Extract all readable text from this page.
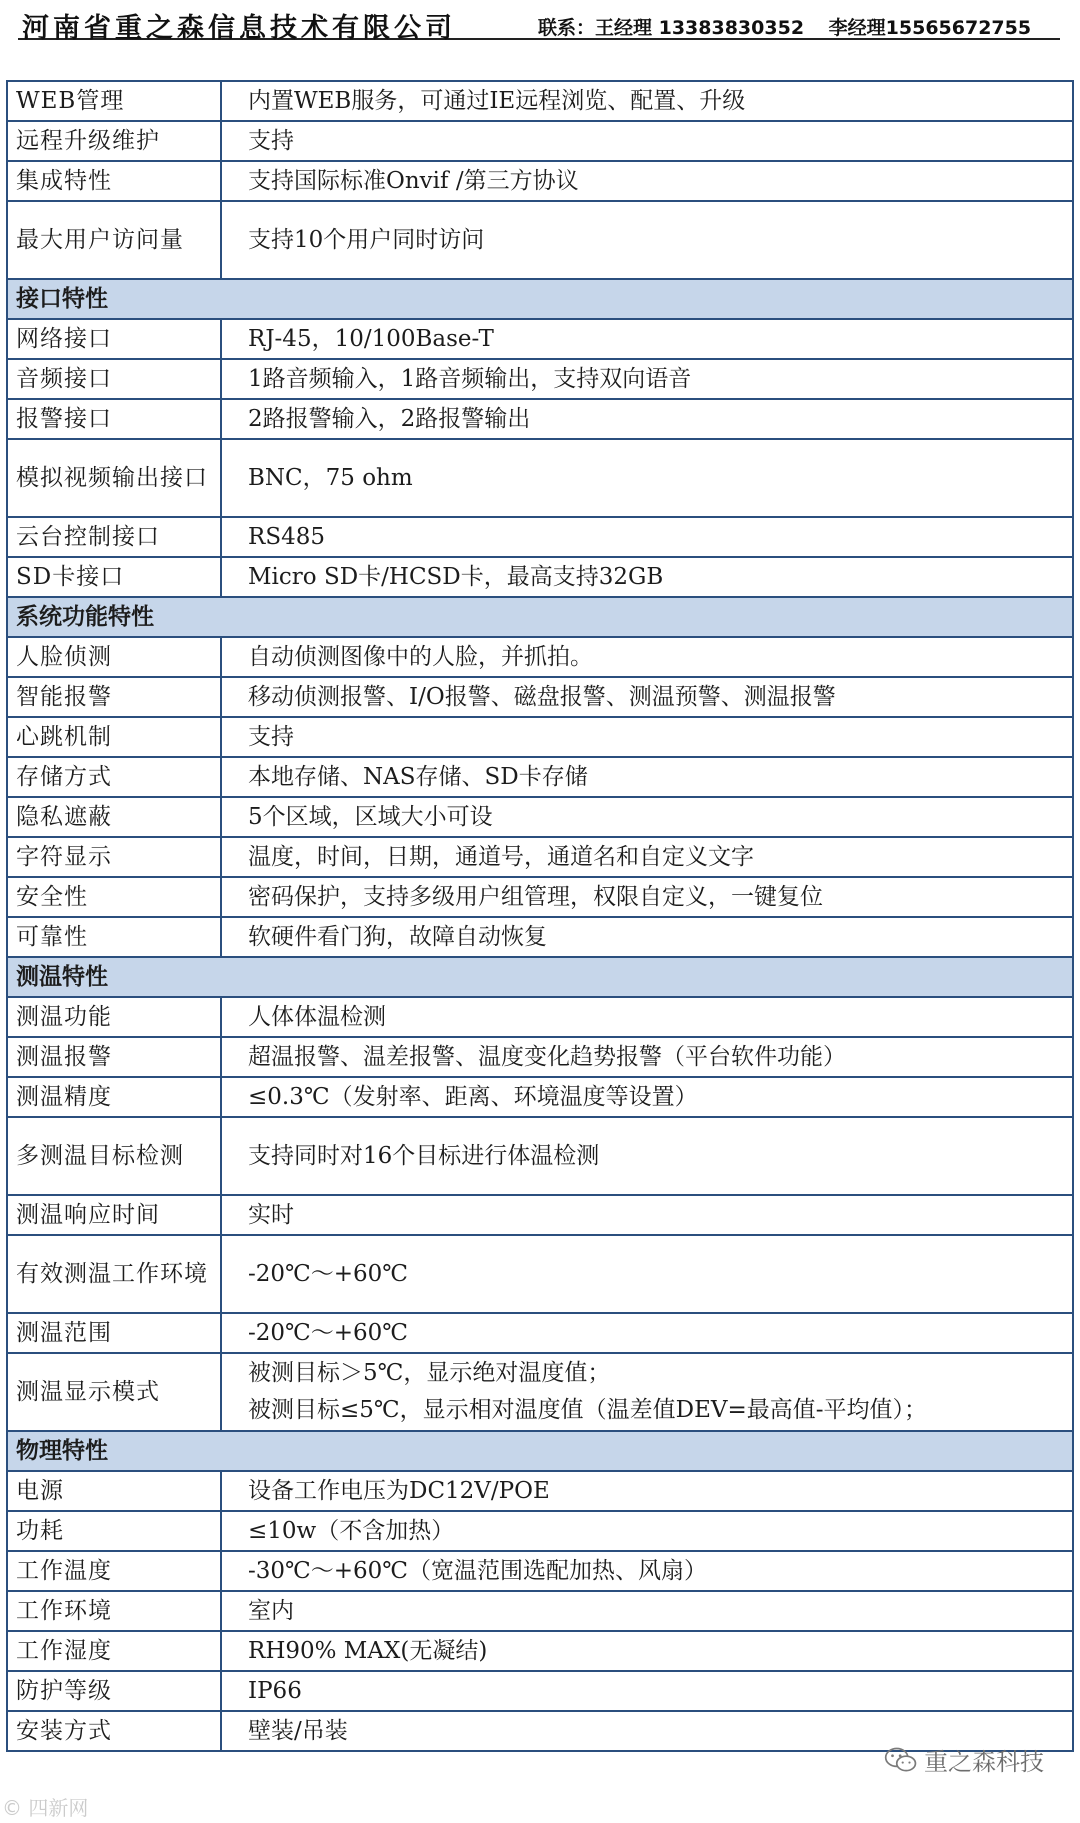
河南省重之森信息技术有限公司	联系：王经理 13383830352 李经理15565672755
WEB管理	内置WEB服务，可通过IE远程浏览、配置、升级
远程升级维护	支持
集成特性	支持国际标准Onvif /第三方协议
最大用户访问量	支持10个用户同时访问
接口特性	
网络接口	RJ-45，10/100Base-T
音频接口	1路音频输入，1路音频输出，支持双向语音
报警接口	2路报警输入，2路报警输出
模拟视频输出接口	BNC，75 ohm
云台控制接口	RS485
SD卡接口	Micro SD卡/HCSD卡，最高支持32GB
系统功能特性	
人脸侦测	自动侦测图像中的人脸，并抓拍。
智能报警	移动侦测报警、I/O报警、磁盘报警、测温预警、测温报警
心跳机制	支持
存储方式	本地存储、NAS存储、SD卡存储
隐私遮蔽	5个区域，区域大小可设
字符显示	温度，时间，日期，通道号，通道名和自定义文字
安全性	密码保护，支持多级用户组管理，权限自定义，一键复位
可靠性	软硬件看门狗，故障自动恢复
测温特性	
测温功能	人体体温检测
测温报警	超温报警、温差报警、温度变化趋势报警（平台软件功能）
测温精度	≤0.3℃（发射率、距离、环境温度等设置）
多测温目标检测	支持同时对16个目标进行体温检测
测温响应时间	实时
有效测温工作环境	-20℃～+60℃
测温范围	-20℃～+60℃
测温显示模式	被测目标＞5℃，显示绝对温度值；
被测目标≤5℃，显示相对温度值（温差值DEV=最高值-平均值）；

物理特性	
电源	设备工作电压为DC12V/POE
功耗	≤10w（不含加热）
工作温度	-30℃～+60℃（宽温范围选配加热、风扇）
工作环境	室内
工作湿度	RH90% MAX(无凝结)
防护等级	IP66
安装方式	壁装/吊装
© 四新网
重之森科技
